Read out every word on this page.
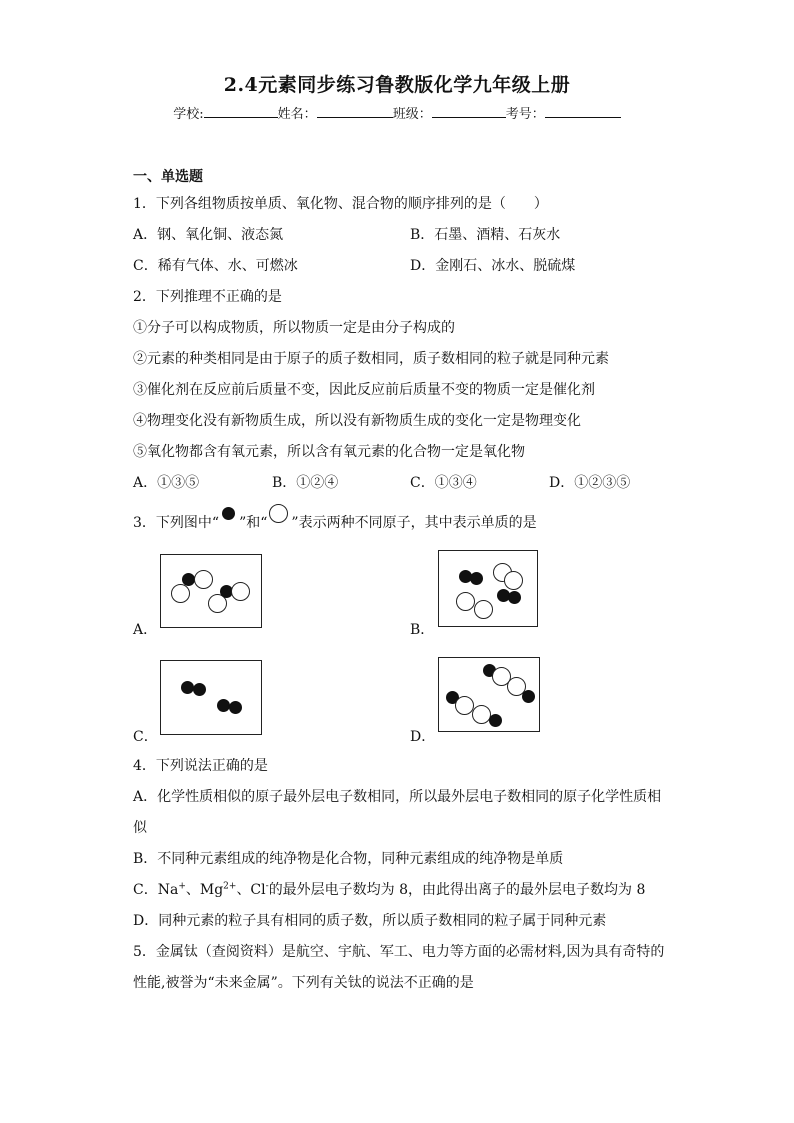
2.4元素同步练习鲁教版化学九年级上册
学校:	姓名：	班级：	考号：
一、单选题
1．下列各组物质按单质、氧化物、混合物的顺序排列的是（　　）
A．钢、氧化铜、液态氮	B．石墨、酒精、石灰水
C．稀有气体、水、可燃冰	D．金刚石、冰水、脱硫煤
2．下列推理不正确的是
①分子可以构成物质，所以物质一定是由分子构成的
②元素的种类相同是由于原子的质子数相同，质子数相同的粒子就是同种元素
③催化剂在反应前后质量不变，因此反应前后质量不变的物质一定是催化剂
④物理变化没有新物质生成，所以没有新物质生成的变化一定是物理变化
⑤氧化物都含有氧元素，所以含有氧元素的化合物一定是氧化物
A．①③⑤	B．①②④	C．①③④	D．①②③⑤
3．下列图中“ ”和“ ”表示两种不同原子，其中表示单质的是
A．	B．
C．	D．
4．下列说法正确的是
A．化学性质相似的原子最外层电子数相同，所以最外层电子数相同的原子化学性质相
似
B．不同种元素组成的纯净物是化合物，同种元素组成的纯净物是单质
C．Na+、$Mg^{2+}$、Cl-的最外层电子数均为 8，由此得出离子的最外层电子数均为 8
D．同种元素的粒子具有相同的质子数，所以质子数相同的粒子属于同种元素
5．金属钛（查阅资料）是航空、宇航、军工、电力等方面的必需材料,因为具有奇特的
性能,被誉为“未来金属”。下列有关钛的说法不正确的是
